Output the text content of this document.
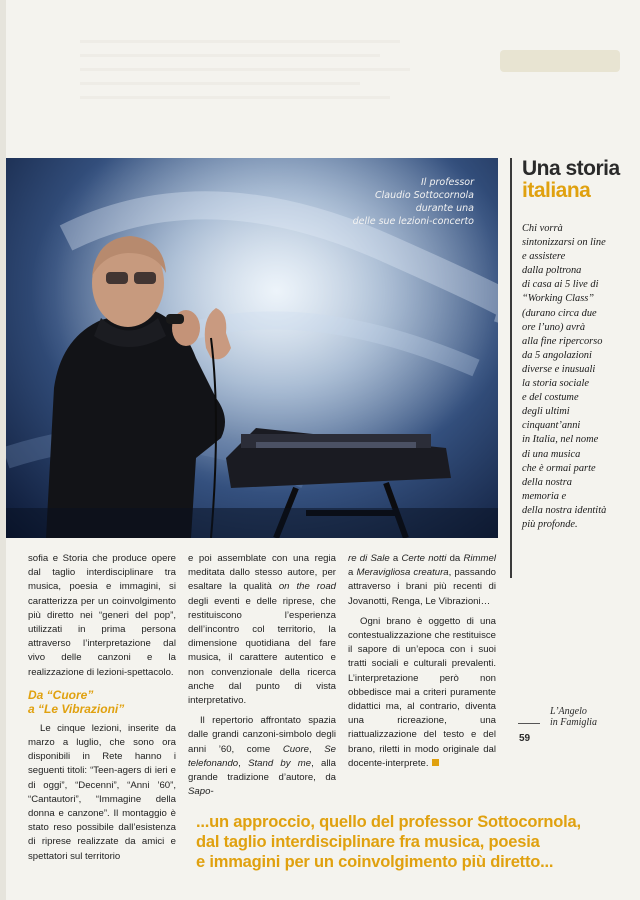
Il professor
Claudio Sottocornola
durante una
delle sue lezioni-concerto
Una storia
italiana
Chi vorrà
sintonizzarsi on line
e assistere
dalla poltrona
di casa ai 5 live di
“Working Class”
(durano circa due
ore l’uno) avrà
alla fine ripercorso
da 5 angolazioni
diverse e inusuali
la storia sociale
e del costume
degli ultimi
cinquant’anni
in Italia, nel nome
di una musica
che è ormai parte
della nostra
memoria e
della nostra identità
più profonde.

sofia e Storia che produce opere dal taglio interdisciplinare tra musica, poesia e immagini, si caratterizza per un coinvolgimento più diretto nei “generi del pop”, utilizzati in prima persona attraverso l’interpretazione dal vivo delle canzoni e la realizzazione di lezioni-spettacolo.

Da “Cuore”
a “Le Vibrazioni”

Le cinque lezioni, inserite da marzo a luglio, che sono ora disponibili in Rete hanno i seguenti titoli: “Teen-agers di ieri e di oggi”, “Decenni”, “Anni ’60”, “Cantautori”, “Immagine della donna e canzone”. Il montaggio è stato reso possibile dall’esistenza di riprese realizzate da amici e spettatori sul territorio

e poi assemblate con una regia meditata dallo stesso autore, per esaltare la qualità on the road degli eventi e delle riprese, che restituiscono l’esperienza dell’incontro col territorio, la dimensione quotidiana del fare musica, il carattere autentico e non convenzionale della ricerca anche dal punto di vista interpretativo.

Il repertorio affrontato spazia dalle grandi canzoni-simbolo degli anni ’60, come Cuore, Se telefonando, Stand by me, alla grande tradizione d’autore, da Sapo-

re di Sale a Certe notti da Rimmel a Meravigliosa creatura, passando attraverso i brani più recenti di Jovanotti, Renga, Le Vibrazioni…

Ogni brano è oggetto di una contestualizzazione che restituisce il sapore di un’epoca con i suoi tratti sociali e culturali prevalenti. L’interpretazione però non obbedisce mai a criteri puramente didattici ma, al contrario, diventa una ricreazione, una riattualizzazione del testo e del brano, riletti in modo originale dal docente-interprete.

L’Angelo
in Famiglia
59
...un approccio, quello del professor Sottocornola,
dal taglio interdisciplinare fra musica, poesia
e immagini per un coinvolgimento più diretto...
